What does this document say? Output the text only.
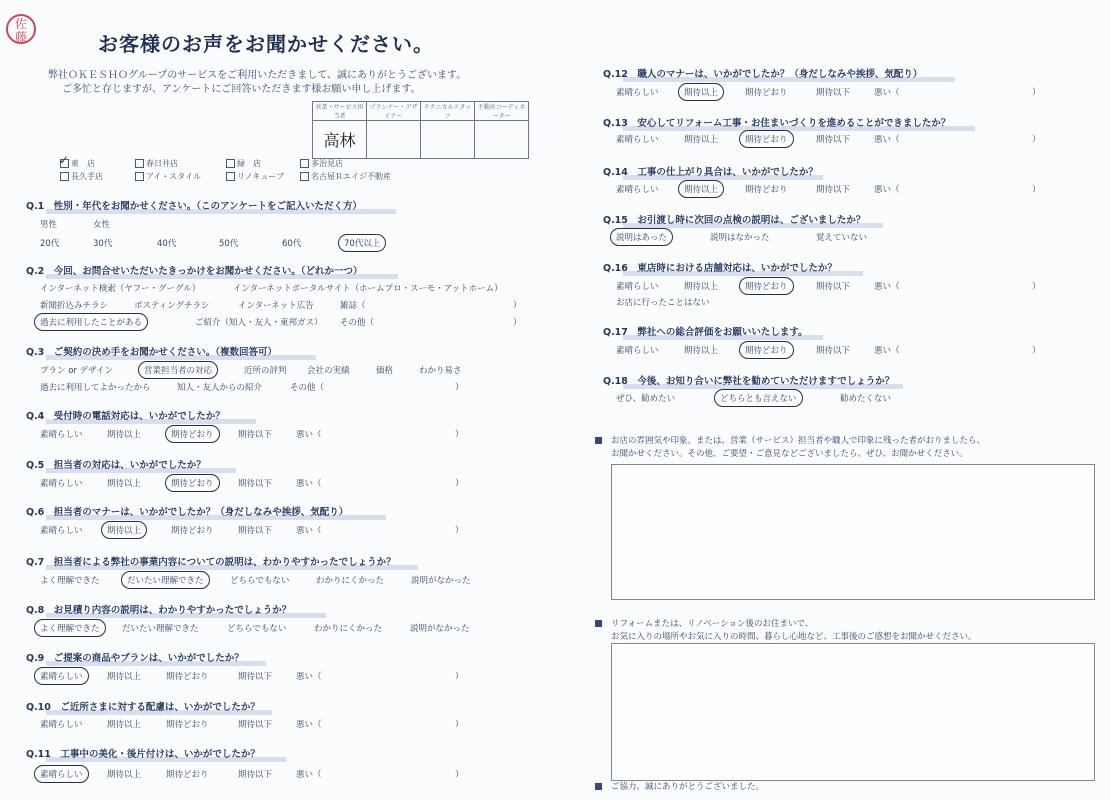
佐
藤	お客様のお声をお聞かせください。
弊社ＯＫＥＳＨＯグループのサービスをご利用いただきまして、誠にありがとうございます。
ご多忙と存じますが、アンケートにご回答いただきます様お願い申し上げます。
営業・サービス担当者	プランナー・デザイナー	テクニカルスタッフ	不動産コーディネーター
高林			
✓ 東　店	春日井店	緑　店	多治見店
長久手店	アイ・スタイル	リノキューブ	名古屋Ｒエイジ不動産
Q.1　性別・年代をお聞かせください。（このアンケートをご記入いただく方）
男性	女性
20代	30代	40代	50代	60代	70代以上
Q.2　今回、お問合せいただいたきっかけをお聞かせください。（どれか一つ）
インターネット検索（ヤフー・グーグル）	インターネットポータルサイト（ホームプロ・スーモ・アットホーム）
新聞折込みチラシ	ポスティングチラシ	インターネット広告	雑誌（	）
過去に利用したことがある	ご紹介（知人・友人・東邦ガス） その他（	）
Q.3　ご契約の決め手をお聞かせください。（複数回答可）
プラン or デザイン	営業担当者の対応	近所の評判 会社の実績	価格	わかり易さ
過去に利用してよかったから	知人・友人からの紹介	その他（	）
Q.4　受付時の電話対応は、いかがでしたか？
素晴らしい	期待以上	期待どおり	期待以下	悪い（	）
Q.5　担当者の対応は、いかがでしたか？
素晴らしい	期待以上	期待どおり	期待以下	悪い（	）
Q.6　担当者のマナーは、いかがでしたか？（身だしなみや挨拶、気配り）
素晴らしい	期待以上	期待どおり	期待以下	悪い（	）
Q.7　担当者による弊社の事業内容についての説明は、わかりやすかったでしょうか？
よく理解できた	だいたい理解できた	どちらでもない	わかりにくかった	説明がなかった
Q.8　お見積り内容の説明は、わかりやすかったでしょうか？
よく理解できた	だいたい理解できた	どちらでもない	わかりにくかった	説明がなかった
Q.9　ご提案の商品やプランは、いかがでしたか？
素晴らしい	期待以上	期待どおり	期待以下	悪い（	）
Q.10　ご近所さまに対する配慮は、いかがでしたか？
素晴らしい	期待以上	期待どおり	期待以下	悪い（	）
Q.11　工事中の美化・後片付けは、いかがでしたか？
素晴らしい	期待以上	期待どおり	期待以下	悪い（	）
Q.12　職人のマナーは、いかがでしたか？（身だしなみや挨拶、気配り）
素晴らしい	期待以上	期待どおり	期待以下	悪い（	）
Q.13　安心してリフォーム工事・お住まいづくりを進めることができましたか？
素晴らしい	期待以上	期待どおり	期待以下	悪い（	）
Q.14　工事の仕上がり具合は、いかがでしたか？
素晴らしい	期待以上	期待どおり	期待以下	悪い（	）
Q.15　お引渡し時に次回の点検の説明は、ございましたか？
説明はあった	説明はなかった	覚えていない
Q.16　東店時における店舗対応は、いかがでしたか？
素晴らしい	期待以上	期待どおり	期待以下	悪い（	）
お店に行ったことはない
Q.17　弊社への総合評価をお願いいたします。
素晴らしい	期待以上	期待どおり	期待以下	悪い（	）
Q.18　今後、お知り合いに弊社を勧めていただけますでしょうか？
ぜひ、勧めたい	どちらとも言えない	勧めたくない
お店の雰囲気や印象。または、営業（サービス）担当者や職人で印象に残った者がおりましたら、
お聞かせください。その他、ご要望・ご意見などございましたら、ぜひ、お聞かせください。
リフォームまたは、リノベーション後のお住まいで、
お気に入りの場所やお気に入りの時間、暮らし心地など、工事後のご感想をお聞かせください。
ご協力、誠にありがとうございました。
